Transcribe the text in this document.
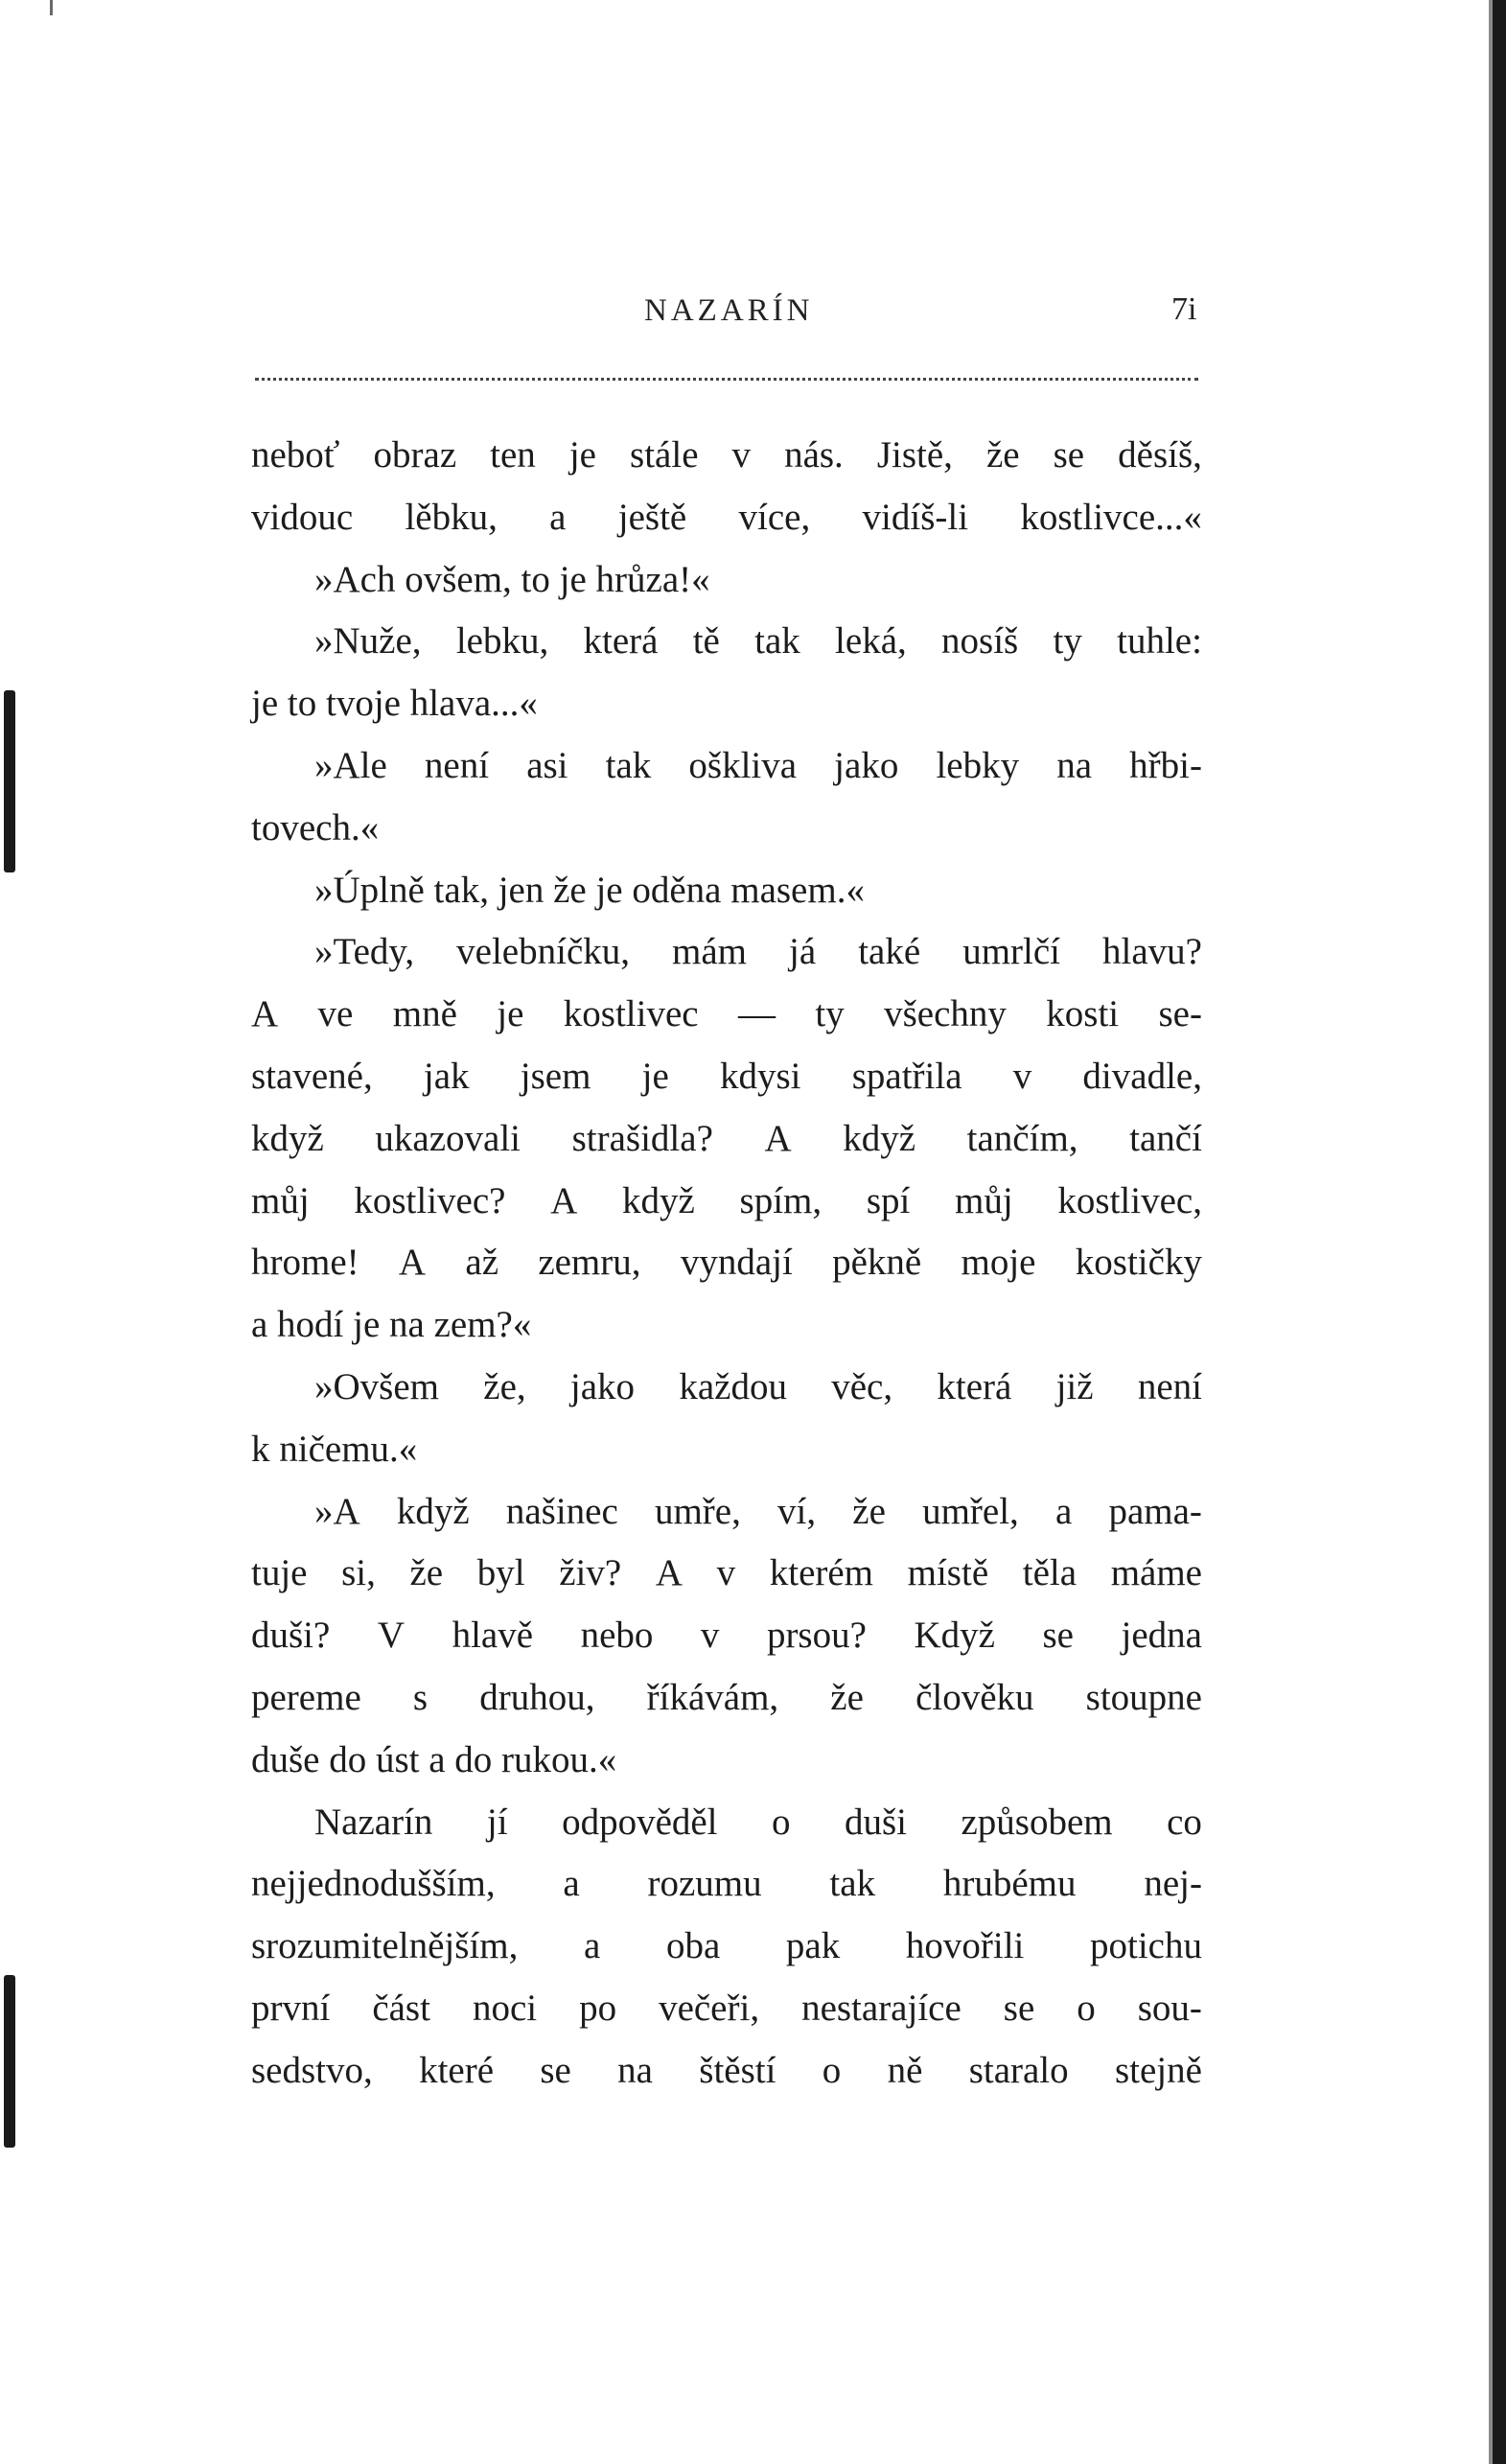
NAZARÍN	7i
neboť obraz ten je stále v nás. Jistě, že se děsíš,
vidouc lěbku, a ještě více, vidíš-li kostlivce...«
»Ach ovšem, to je hrůza!«
»Nuže, lebku, která tě tak leká, nosíš ty tuhle:
je to tvoje hlava...«
»Ale není asi tak oškliva jako lebky na hřbi-
tovech.«
»Úplně tak, jen že je oděna masem.«
»Tedy, velebníčku, mám já také umrlčí hlavu?
A ve mně je kostlivec — ty všechny kosti se-
stavené, jak jsem je kdysi spatřila v divadle,
když ukazovali strašidla? A když tančím, tančí
můj kostlivec? A když spím, spí můj kostlivec,
hrome! A až zemru, vyndají pěkně moje kostičky
a hodí je na zem?«
»Ovšem že, jako každou věc, která již není
k ničemu.«
»A když našinec umře, ví, že umřel, a pama-
tuje si, že byl živ? A v kterém místě těla máme
duši? V hlavě nebo v prsou? Když se jedna
pereme s druhou, říkávám, že člověku stoupne
duše do úst a do rukou.«
Nazarín jí odpověděl o duši způsobem co
nejjednodušším, a rozumu tak hrubému nej-
srozumitelnějším, a oba pak hovořili potichu
první část noci po večeři, nestarajíce se o sou-
sedstvo, které se na štěstí o ně staralo stejně
